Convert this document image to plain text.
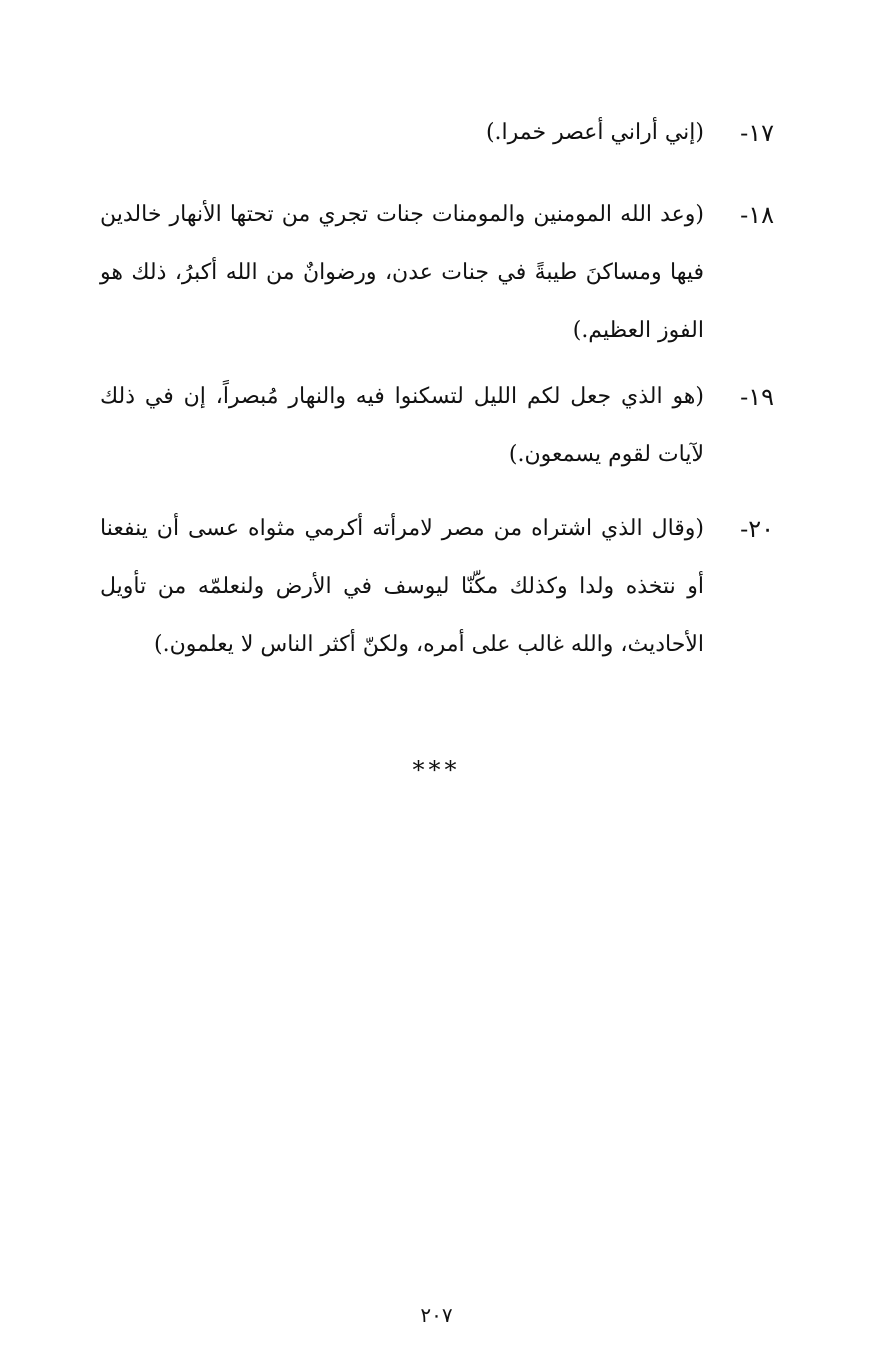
١٧-
(إني أراني أعصر خمرا.)
١٨-
(وعد الله المومنين والمومنات جنات تجري من تحتها الأنهار خالدين فيها ومساكنَ طيبةً في جنات عدن، ورضوانٌ من الله أكبرُ، ذلك هو الفوز العظيم.)
١٩-
(هو الذي جعل لكم الليل لتسكنوا فيه والنهار مُبصراً، إن في ذلك لآيات لقوم يسمعون.)
٢٠-
(وقال الذي اشتراه من مصر لامرأته أكرمي مثواه عسى أن ينفعنا أو نتخذه ولدا وكذلك مكّنّا ليوسف في الأرض ولنعلمّه من تأويل الأحاديث، والله غالب على أمره، ولكنّ أكثر الناس لا يعلمون.)
***
٢٠٧
